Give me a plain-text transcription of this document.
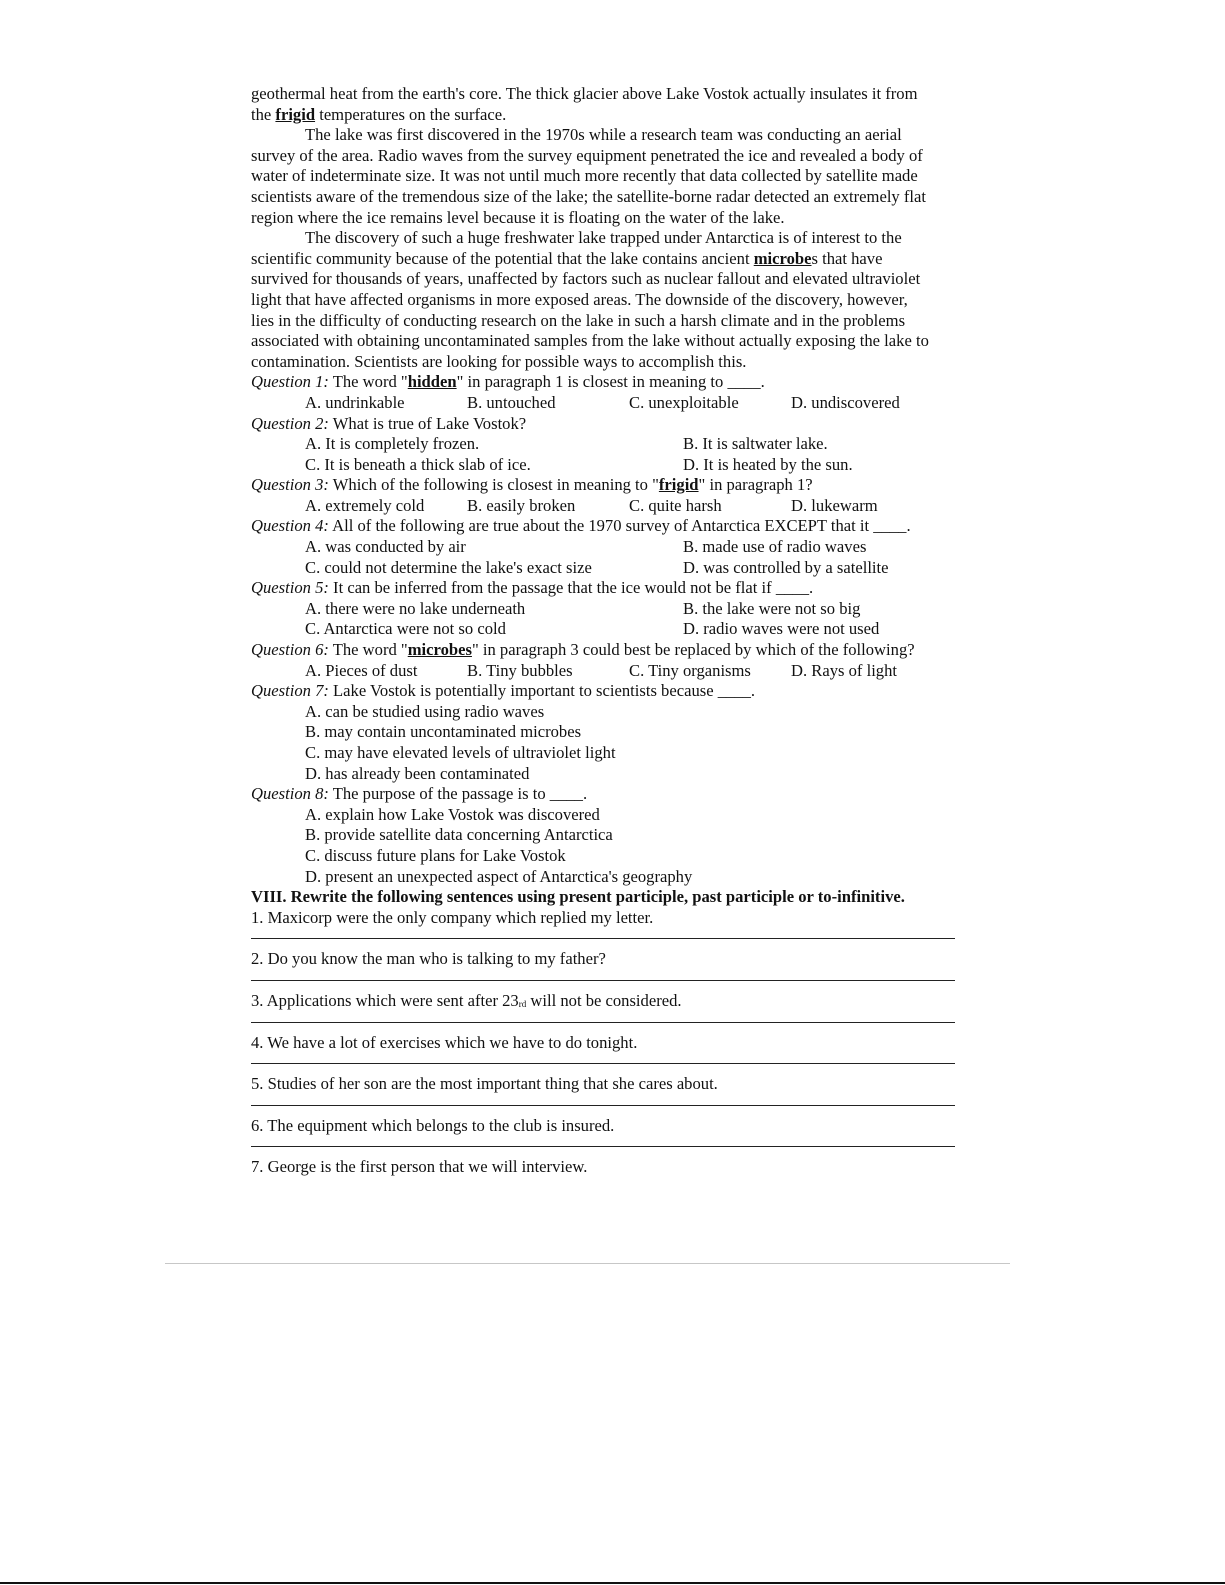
geothermal heat from the earth's core. The thick glacier above Lake Vostok actually insulates it from
the frigid temperatures on the surface.
The lake was first discovered in the 1970s while a research team was conducting an aerial
survey of the area. Radio waves from the survey equipment penetrated the ice and revealed a body of
water of indeterminate size. It was not until much more recently that data collected by satellite made
scientists aware of the tremendous size of the lake; the satellite-borne radar detected an extremely flat
region where the ice remains level because it is floating on the water of the lake.
The discovery of such a huge freshwater lake trapped under Antarctica is of interest to the
scientific community because of the potential that the lake contains ancient microbes that have
survived for thousands of years, unaffected by factors such as nuclear fallout and elevated ultraviolet
light that have affected organisms in more exposed areas. The downside of the discovery, however,
lies in the difficulty of conducting research on the lake in such a harsh climate and in the problems
associated with obtaining uncontaminated samples from the lake without actually exposing the lake to
contamination. Scientists are looking for possible ways to accomplish this.
Question 1: The word "hidden" in paragraph 1 is closest in meaning to ____.
A. undrinkable	B. untouched	C. unexploitable	D. undiscovered
Question 2: What is true of Lake Vostok?
A. It is completely frozen.	B. It is saltwater lake.
C. It is beneath a thick slab of ice.	D. It is heated by the sun.
Question 3: Which of the following is closest in meaning to "frigid" in paragraph 1?
A. extremely cold	B. easily broken	C. quite harsh	D. lukewarm
Question 4: All of the following are true about the 1970 survey of Antarctica EXCEPT that it ____.
A. was conducted by air	B. made use of radio waves
C. could not determine the lake's exact size	D. was controlled by a satellite
Question 5: It can be inferred from the passage that the ice would not be flat if ____.
A. there were no lake underneath	B. the lake were not so big
C. Antarctica were not so cold	D. radio waves were not used
Question 6: The word "microbes" in paragraph 3 could best be replaced by which of the following?
A. Pieces of dust	B. Tiny bubbles	C. Tiny organisms D. Rays of light
Question 7: Lake Vostok is potentially important to scientists because ____.
A. can be studied using radio waves
B. may contain uncontaminated microbes
C. may have elevated levels of ultraviolet light
D. has already been contaminated
Question 8: The purpose of the passage is to ____.
A. explain how Lake Vostok was discovered
B. provide satellite data concerning Antarctica
C. discuss future plans for Lake Vostok
D. present an unexpected aspect of Antarctica's geography
VIII. Rewrite the following sentences using present participle, past participle or to-infinitive.
1. Maxicorp were the only company which replied my letter.
2. Do you know the man who is talking to my father?
3. Applications which were sent after $23_{rd}$ will not be considered.
4. We have a lot of exercises which we have to do tonight.
5. Studies of her son are the most important thing that she cares about.
6. The equipment which belongs to the club is insured.
7. George is the first person that we will interview.
